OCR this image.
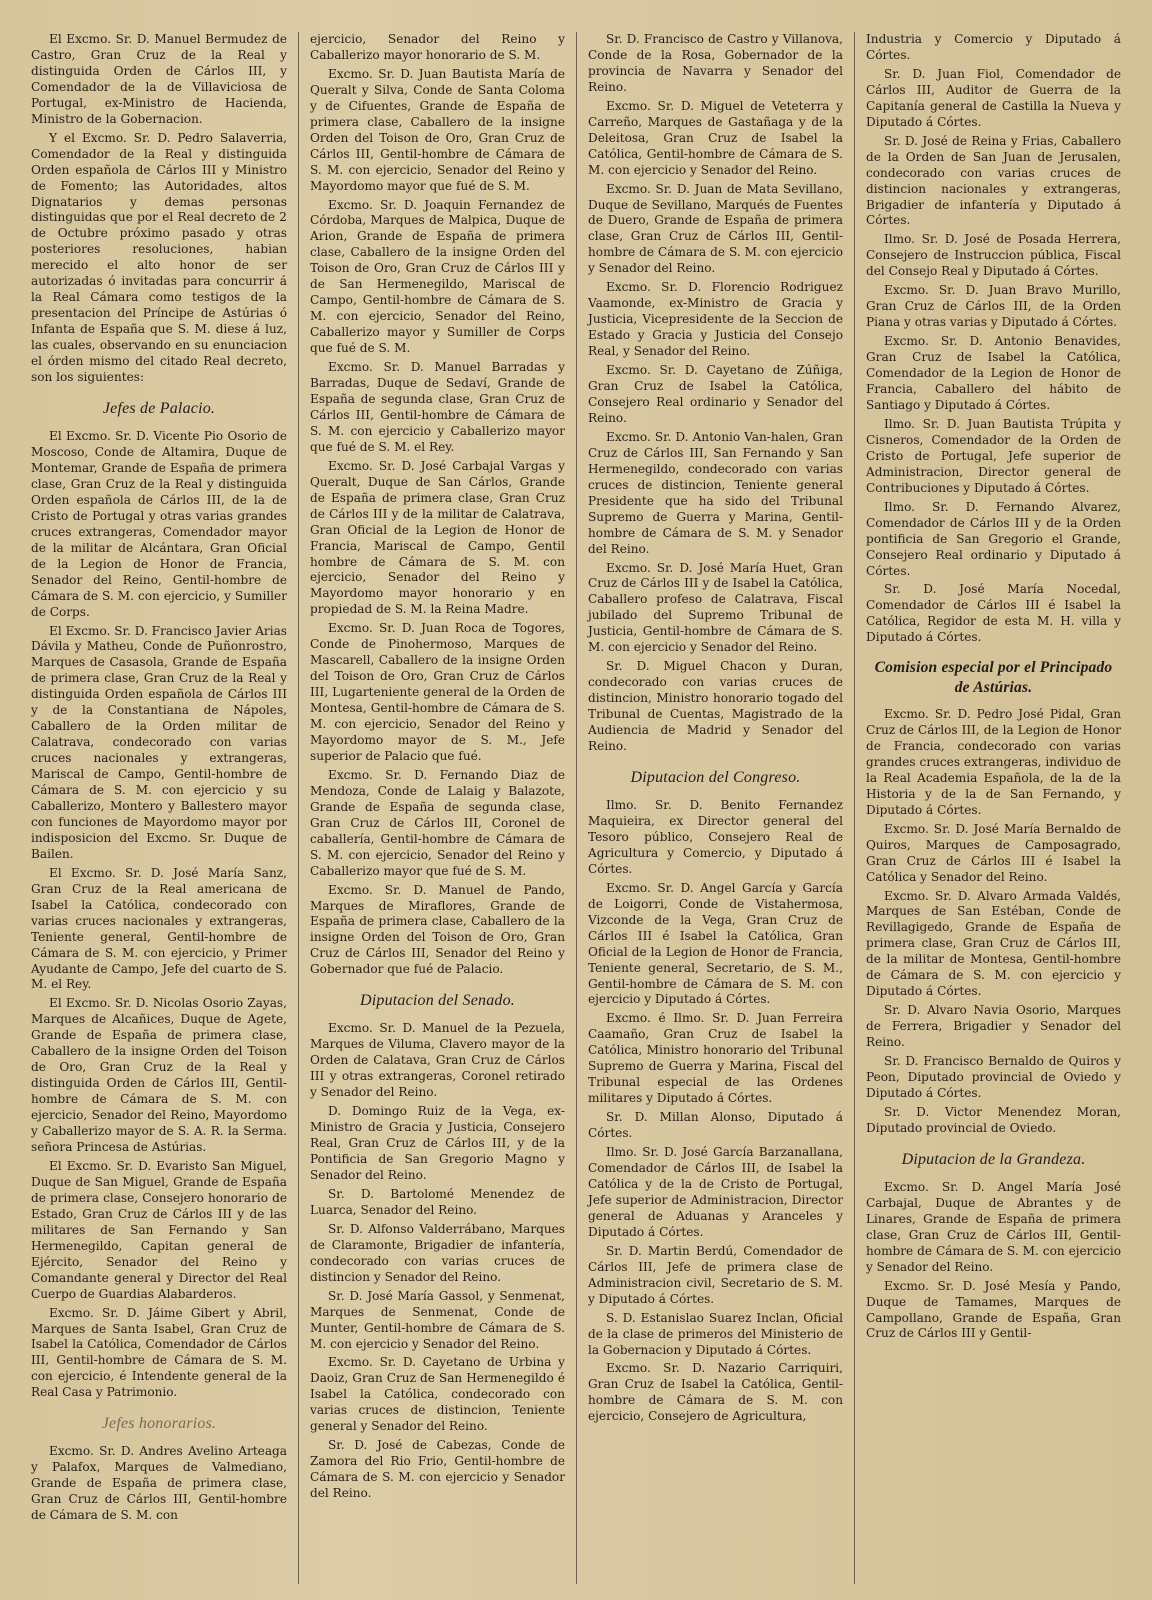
El Excmo. Sr. D. Manuel Bermudez de Castro, Gran Cruz de la Real y distinguida Orden de Cárlos III, y Comendador de la de Villaviciosa de Portugal, ex-Ministro de Hacienda, Ministro de la Gobernacion.

Y el Excmo. Sr. D. Pedro Salaverria, Comendador de la Real y distinguida Orden española de Cárlos III y Ministro de Fomento; las Autoridades, altos Dignatarios y demas personas distinguidas que por el Real decreto de 2 de Octubre próximo pasado y otras posteriores resoluciones, habian merecido el alto honor de ser autorizadas ó invitadas para concurrir á la Real Cámara como testigos de la presentacion del Príncipe de Astúrias ó Infanta de España que S. M. diese á luz, las cuales, observando en su enunciacion el órden mismo del citado Real decreto, son los siguientes:

Jefes de Palacio.

El Excmo. Sr. D. Vicente Pio Osorio de Moscoso, Conde de Altamira, Duque de Montemar, Grande de España de primera clase, Gran Cruz de la Real y distinguida Orden española de Cárlos III, de la de Cristo de Portugal y otras varias grandes cruces extrangeras, Comendador mayor de la militar de Alcántara, Gran Oficial de la Legion de Honor de Francia, Senador del Reino, Gentil-hombre de Cámara de S. M. con ejercicio, y Sumiller de Corps.

El Excmo. Sr. D. Francisco Javier Arias Dávila y Matheu, Conde de Puñonrostro, Marques de Casasola, Grande de España de primera clase, Gran Cruz de la Real y distinguida Orden española de Cárlos III y de la Constantiana de Nápoles, Caballero de la Orden militar de Calatrava, condecorado con varias cruces nacionales y extrangeras, Mariscal de Campo, Gentil-hombre de Cámara de S. M. con ejercicio y su Caballerizo, Montero y Ballestero mayor con funciones de Mayordomo mayor por indisposicion del Excmo. Sr. Duque de Bailen.

El Excmo. Sr. D. José María Sanz, Gran Cruz de la Real americana de Isabel la Católica, condecorado con varias cruces nacionales y extrangeras, Teniente general, Gentil-hombre de Cámara de S. M. con ejercicio, y Primer Ayudante de Campo, Jefe del cuarto de S. M. el Rey.

El Excmo. Sr. D. Nicolas Osorio Zayas, Marques de Alcañices, Duque de Agete, Grande de España de primera clase, Caballero de la insigne Orden del Toison de Oro, Gran Cruz de la Real y distinguida Orden de Cárlos III, Gentil-hombre de Cámara de S. M. con ejercicio, Senador del Reino, Mayordomo y Caballerizo mayor de S. A. R. la Serma. señora Princesa de Astúrias.

El Excmo. Sr. D. Evaristo San Miguel, Duque de San Miguel, Grande de España de primera clase, Consejero honorario de Estado, Gran Cruz de Cárlos III y de las militares de San Fernando y San Hermenegildo, Capitan general de Ejército, Senador del Reino y Comandante general y Director del Real Cuerpo de Guardias Alabarderos.

Excmo. Sr. D. Jáime Gibert y Abril, Marques de Santa Isabel, Gran Cruz de Isabel la Católica, Comendador de Cárlos III, Gentil-hombre de Cámara de S. M. con ejercicio, é Intendente general de la Real Casa y Patrimonio.

Jefes honorarios.

Excmo. Sr. D. Andres Avelino Arteaga y Palafox, Marques de Valmediano, Grande de España de primera clase, Gran Cruz de Cárlos III, Gentil-hombre de Cámara de S. M. con

ejercicio, Senador del Reino y Caballerizo mayor honorario de S. M.

Excmo. Sr. D. Juan Bautista María de Queralt y Silva, Conde de Santa Coloma y de Cifuentes, Grande de España de primera clase, Caballero de la insigne Orden del Toison de Oro, Gran Cruz de Cárlos III, Gentil-hombre de Cámara de S. M. con ejercicio, Senador del Reino y Mayordomo mayor que fué de S. M.

Excmo. Sr. D. Joaquin Fernandez de Córdoba, Marques de Malpica, Duque de Arion, Grande de España de primera clase, Caballero de la insigne Orden del Toison de Oro, Gran Cruz de Cárlos III y de San Hermenegildo, Mariscal de Campo, Gentil-hombre de Cámara de S. M. con ejercicio, Senador del Reino, Caballerizo mayor y Sumiller de Corps que fué de S. M.

Excmo. Sr. D. Manuel Barradas y Barradas, Duque de Sedaví, Grande de España de segunda clase, Gran Cruz de Cárlos III, Gentil-hombre de Cámara de S. M. con ejercicio y Caballerizo mayor que fué de S. M. el Rey.

Excmo. Sr. D. José Carbajal Vargas y Queralt, Duque de San Cárlos, Grande de España de primera clase, Gran Cruz de Cárlos III y de la militar de Calatrava, Gran Oficial de la Legion de Honor de Francia, Mariscal de Campo, Gentil hombre de Cámara de S. M. con ejercicio, Senador del Reino y Mayordomo mayor honorario y en propiedad de S. M. la Reina Madre.

Excmo. Sr. D. Juan Roca de Togores, Conde de Pinohermoso, Marques de Mascarell, Caballero de la insigne Orden del Toison de Oro, Gran Cruz de Cárlos III, Lugarteniente general de la Orden de Montesa, Gentil-hombre de Cámara de S. M. con ejercicio, Senador del Reino y Mayordomo mayor de S. M., Jefe superior de Palacio que fué.

Excmo. Sr. D. Fernando Diaz de Mendoza, Conde de Lalaig y Balazote, Grande de España de segunda clase, Gran Cruz de Cárlos III, Coronel de caballería, Gentil-hombre de Cámara de S. M. con ejercicio, Senador del Reino y Caballerizo mayor que fué de S. M.

Excmo. Sr. D. Manuel de Pando, Marques de Miraflores, Grande de España de primera clase, Caballero de la insigne Orden del Toison de Oro, Gran Cruz de Cárlos III, Senador del Reino y Gobernador que fué de Palacio.

Diputacion del Senado.

Excmo. Sr. D. Manuel de la Pezuela, Marques de Viluma, Clavero mayor de la Orden de Calatava, Gran Cruz de Cárlos III y otras extrangeras, Coronel retirado y Senador del Reino.

D. Domingo Ruiz de la Vega, ex-Ministro de Gracia y Justicia, Consejero Real, Gran Cruz de Cárlos III, y de la Pontificia de San Gregorio Magno y Senador del Reino.

Sr. D. Bartolomé Menendez de Luarca, Senador del Reino.

Sr. D. Alfonso Valderrábano, Marques de Claramonte, Brigadier de infantería, condecorado con varias cruces de distincion y Senador del Reino.

Sr. D. José María Gassol, y Senmenat, Marques de Senmenat, Conde de Munter, Gentil-hombre de Cámara de S. M. con ejercicio y Senador del Reino.

Excmo. Sr. D. Cayetano de Urbina y Daoiz, Gran Cruz de San Hermenegildo é Isabel la Católica, condecorado con varias cruces de distincion, Teniente general y Senador del Reino.

Sr. D. José de Cabezas, Conde de Zamora del Rio Frio, Gentil-hombre de Cámara de S. M. con ejercicio y Senador del Reino.

Sr. D. Francisco de Castro y Villanova, Conde de la Rosa, Gobernador de la provincia de Navarra y Senador del Reino.

Excmo. Sr. D. Miguel de Veteterra y Carreño, Marques de Gastañaga y de la Deleitosa, Gran Cruz de Isabel la Católica, Gentil-hombre de Cámara de S. M. con ejercicio y Senador del Reino.

Excmo. Sr. D. Juan de Mata Sevillano, Duque de Sevillano, Marqués de Fuentes de Duero, Grande de España de primera clase, Gran Cruz de Cárlos III, Gentil-hombre de Cámara de S. M. con ejercicio y Senador del Reino.

Excmo. Sr. D. Florencio Rodriguez Vaamonde, ex-Ministro de Gracia y Justicia, Vicepresidente de la Seccion de Estado y Gracia y Justicia del Consejo Real, y Senador del Reino.

Excmo. Sr. D. Cayetano de Zúñiga, Gran Cruz de Isabel la Católica, Consejero Real ordinario y Senador del Reino.

Excmo. Sr. D. Antonio Van-halen, Gran Cruz de Cárlos III, San Fernando y San Hermenegildo, condecorado con varias cruces de distincion, Teniente general Presidente que ha sido del Tribunal Supremo de Guerra y Marina, Gentil-hombre de Cámara de S. M. y Senador del Reino.

Excmo. Sr. D. José María Huet, Gran Cruz de Cárlos III y de Isabel la Católica, Caballero profeso de Calatrava, Fiscal jubilado del Supremo Tribunal de Justicia, Gentil-hombre de Cámara de S. M. con ejercicio y Senador del Reino.

Sr. D. Miguel Chacon y Duran, condecorado con varias cruces de distincion, Ministro honorario togado del Tribunal de Cuentas, Magistrado de la Audiencia de Madrid y Senador del Reino.

Diputacion del Congreso.

Ilmo. Sr. D. Benito Fernandez Maquieira, ex Director general del Tesoro público, Consejero Real de Agricultura y Comercio, y Diputado á Córtes.

Excmo. Sr. D. Angel García y García de Loigorri, Conde de Vistahermosa, Vizconde de la Vega, Gran Cruz de Cárlos III é Isabel la Católica, Gran Oficial de la Legion de Honor de Francia, Teniente general, Secretario, de S. M., Gentil-hombre de Cámara de S. M. con ejercicio y Diputado á Córtes.

Excmo. é Ilmo. Sr. D. Juan Ferreira Caamaño, Gran Cruz de Isabel la Católica, Ministro honorario del Tribunal Supremo de Guerra y Marina, Fiscal del Tribunal especial de las Ordenes militares y Diputado á Córtes.

Sr. D. Millan Alonso, Diputado á Córtes.

Ilmo. Sr. D. José García Barzanallana, Comendador de Cárlos III, de Isabel la Católica y de la de Cristo de Portugal, Jefe superior de Administracion, Director general de Aduanas y Aranceles y Diputado á Córtes.

Sr. D. Martin Berdú, Comendador de Cárlos III, Jefe de primera clase de Administracion civil, Secretario de S. M. y Diputado á Córtes.

S. D. Estanislao Suarez Inclan, Oficial de la clase de primeros del Ministerio de la Gobernacion y Diputado á Córtes.

Excmo. Sr. D. Nazario Carriquiri, Gran Cruz de Isabel la Católica, Gentil-hombre de Cámara de S. M. con ejercicio, Consejero de Agricultura,

Industria y Comercio y Diputado á Córtes.

Sr. D. Juan Fiol, Comendador de Cárlos III, Auditor de Guerra de la Capitanía general de Castilla la Nueva y Diputado á Córtes.

Sr. D. José de Reina y Frias, Caballero de la Orden de San Juan de Jerusalen, condecorado con varias cruces de distincion nacionales y extrangeras, Brigadier de infantería y Diputado á Córtes.

Ilmo. Sr. D. José de Posada Herrera, Consejero de Instruccion pública, Fiscal del Consejo Real y Diputado á Córtes.

Excmo. Sr. D. Juan Bravo Murillo, Gran Cruz de Cárlos III, de la Orden Piana y otras varias y Diputado á Córtes.

Excmo. Sr. D. Antonio Benavides, Gran Cruz de Isabel la Católica, Comendador de la Legion de Honor de Francia, Caballero del hábito de Santiago y Diputado á Córtes.

Ilmo. Sr. D. Juan Bautista Trúpita y Cisneros, Comendador de la Orden de Cristo de Portugal, Jefe superior de Administracion, Director general de Contribuciones y Diputado á Córtes.

Ilmo. Sr. D. Fernando Alvarez, Comendador de Cárlos III y de la Orden pontificia de San Gregorio el Grande, Consejero Real ordinario y Diputado á Córtes.

Sr. D. José María Nocedal, Comendador de Cárlos III é Isabel la Católica, Regidor de esta M. H. villa y Diputado á Córtes.

Comision especial por el Principado de Astúrias.

Excmo. Sr. D. Pedro José Pidal, Gran Cruz de Cárlos III, de la Legion de Honor de Francia, condecorado con varias grandes cruces extrangeras, individuo de la Real Academia Española, de la de la Historia y de la de San Fernando, y Diputado á Córtes.

Excmo. Sr. D. José María Bernaldo de Quiros, Marques de Camposagrado, Gran Cruz de Cárlos III é Isabel la Católica y Senador del Reino.

Excmo. Sr. D. Alvaro Armada Valdés, Marques de San Estéban, Conde de Revillagigedo, Grande de España de primera clase, Gran Cruz de Cárlos III, de la militar de Montesa, Gentil-hombre de Cámara de S. M. con ejercicio y Diputado á Córtes.

Sr. D. Alvaro Navia Osorio, Marques de Ferrera, Brigadier y Senador del Reino.

Sr. D. Francisco Bernaldo de Quiros y Peon, Diputado provincial de Oviedo y Diputado á Córtes.

Sr. D. Victor Menendez Moran, Diputado provincial de Oviedo.

Diputacion de la Grandeza.

Excmo. Sr. D. Angel María José Carbajal, Duque de Abrantes y de Linares, Grande de España de primera clase, Gran Cruz de Cárlos III, Gentil-hombre de Cámara de S. M. con ejercicio y Senador del Reino.

Excmo. Sr. D. José Mesía y Pando, Duque de Tamames, Marques de Campollano, Grande de España, Gran Cruz de Cárlos III y Gentil-
